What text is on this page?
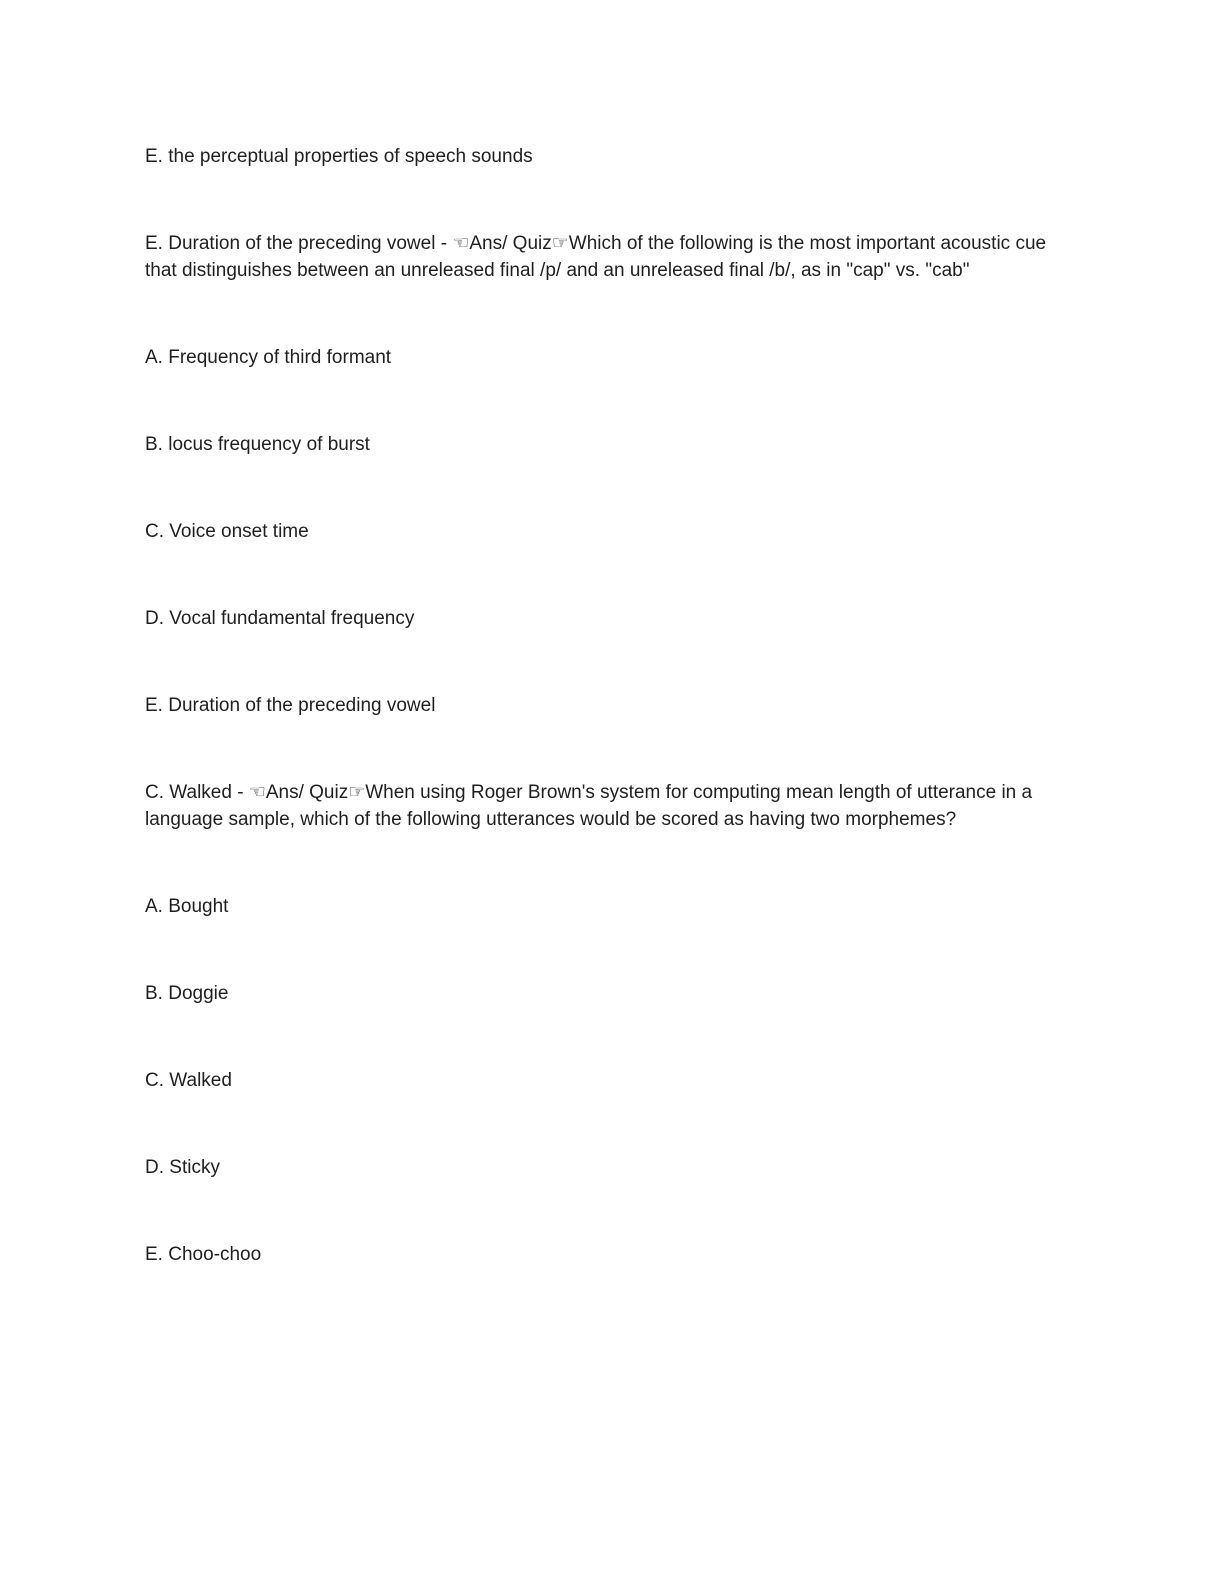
E. the perceptual properties of speech sounds

E. Duration of the preceding vowel - ☜Ans/ Quiz☞Which of the following is the most important acoustic cue that distinguishes between an unreleased final /p/ and an unreleased final /b/, as in "cap" vs. "cab"

A. Frequency of third formant

B. locus frequency of burst

C. Voice onset time

D. Vocal fundamental frequency

E. Duration of the preceding vowel

C. Walked - ☜Ans/ Quiz☞When using Roger Brown's system for computing mean length of utterance in a language sample, which of the following utterances would be scored as having two morphemes?

A. Bought

B. Doggie

C. Walked

D. Sticky

E. Choo-choo
